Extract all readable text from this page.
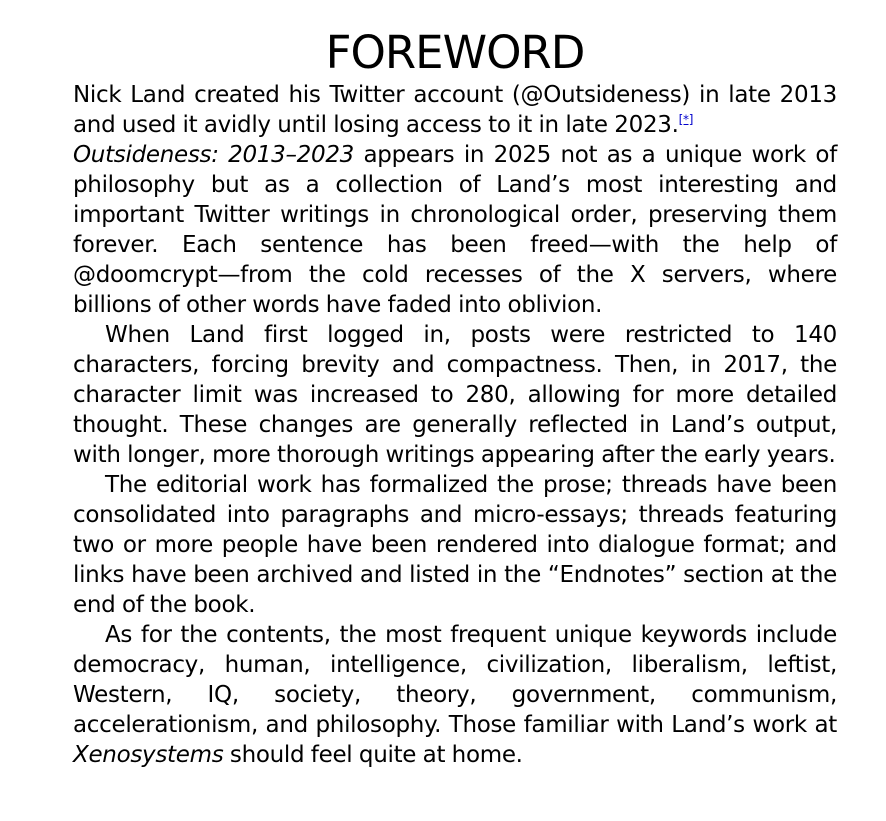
FOREWORD

Nick Land created his Twitter account (@Outsideness) in late 2013 and used it avidly until losing access to it in late 2023.[*]
Outsideness: 2013–2023 appears in 2025 not as a unique work of philosophy but as a collection of Land’s most interesting and important Twitter writings in chronological order, preserving them forever. Each sentence has been freed—with the help of @doomcrypt—from the cold recesses of the X servers, where billions of other words have faded into oblivion.

When Land first logged in, posts were restricted to 140 characters, forcing brevity and compactness. Then, in 2017, the character limit was increased to 280, allowing for more detailed thought. These changes are generally reflected in Land’s output, with longer, more thorough writings appearing after the early years.

The editorial work has formalized the prose; threads have been consolidated into paragraphs and micro-essays; threads featuring two or more people have been rendered into dialogue format; and links have been archived and listed in the “Endnotes” section at the end of the book.

As for the contents, the most frequent unique keywords include democracy, human, intelligence, civilization, liberalism, leftist, Western, IQ, society, theory, government, communism, accelerationism, and philosophy. Those familiar with Land’s work at Xenosystems should feel quite at home.
